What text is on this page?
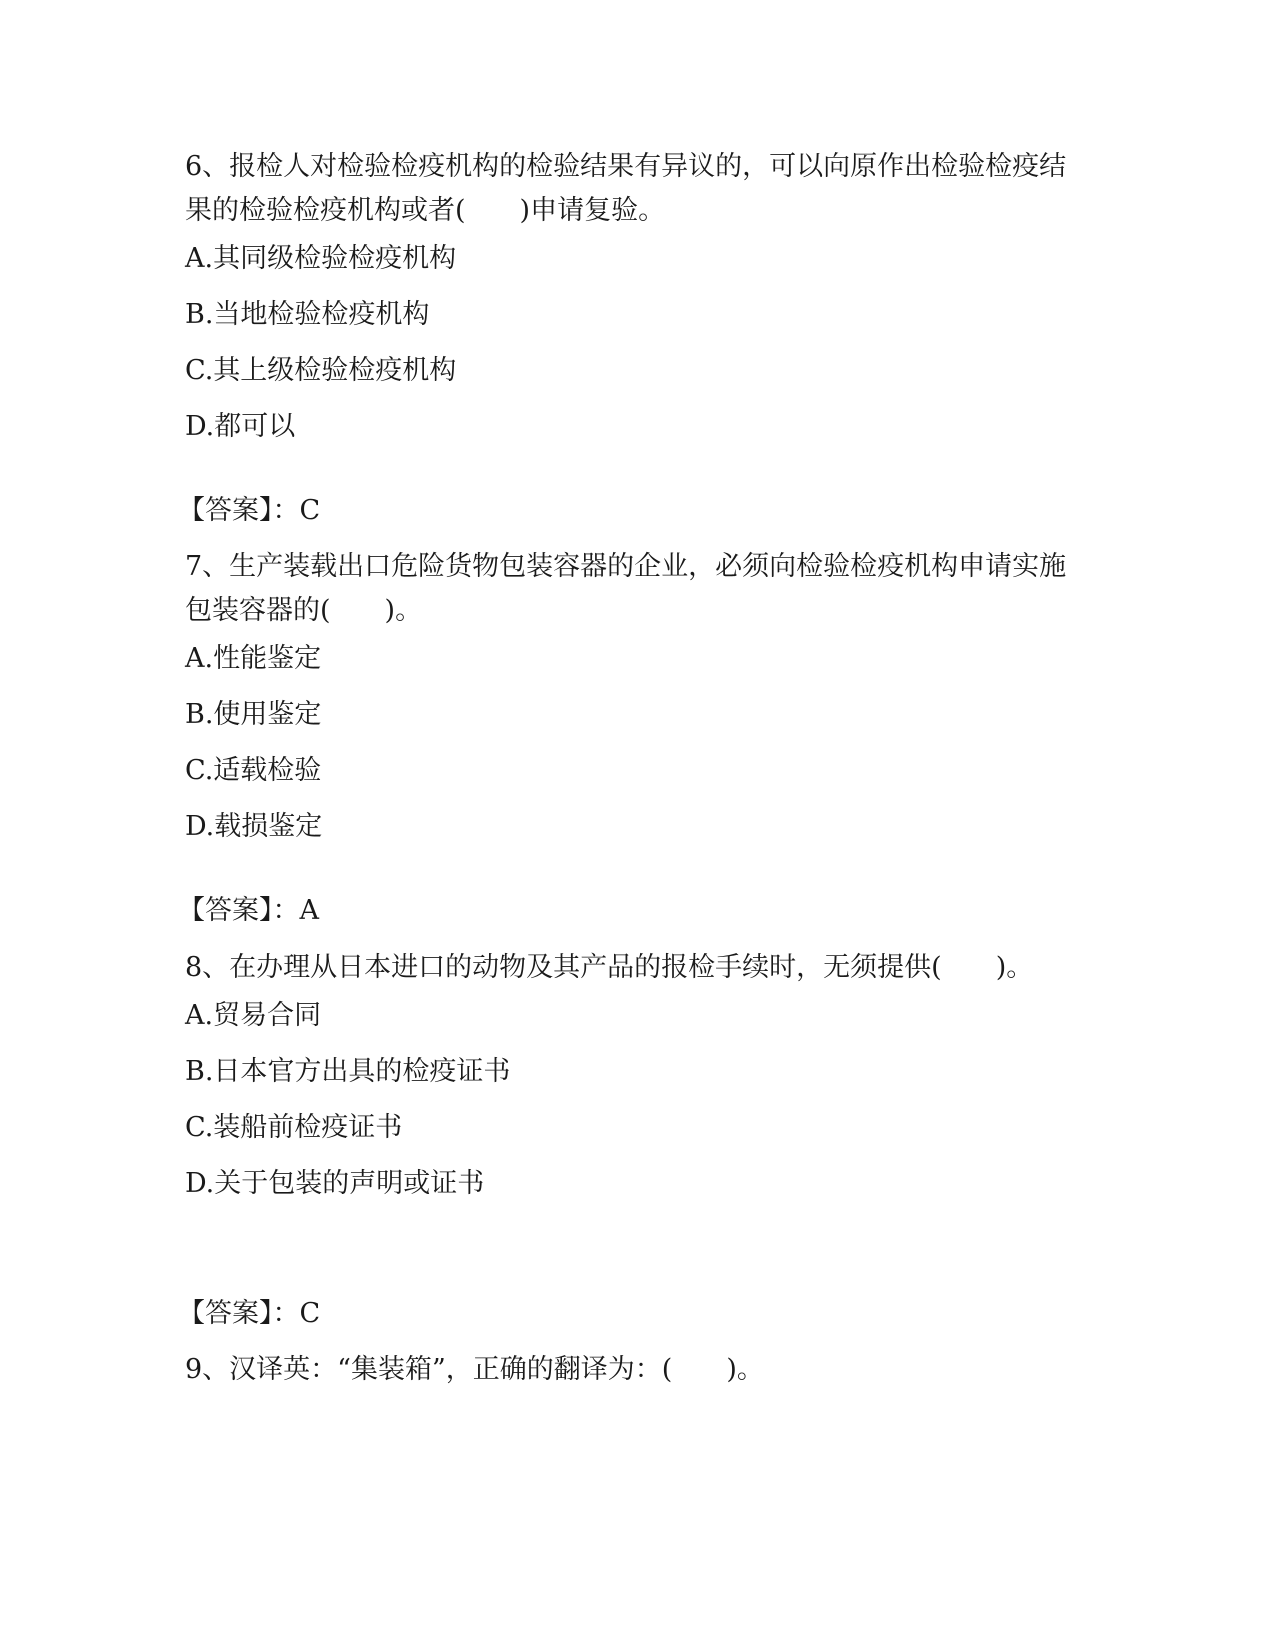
6、报检人对检验检疫机构的检验结果有异议的，可以向原作出检验检疫结果的检验检疫机构或者(　　)申请复验。

A.其同级检验检疫机构
B.当地检验检疫机构
C.其上级检验检疫机构
D.都可以
【答案】：C

7、生产装载出口危险货物包装容器的企业，必须向检验检疫机构申请实施包装容器的(　　)。

A.性能鉴定
B.使用鉴定
C.适载检验
D.载损鉴定
【答案】：A

8、在办理从日本进口的动物及其产品的报检手续时，无须提供(　　)。

A.贸易合同
B.日本官方出具的检疫证书
C.装船前检疫证书
D.关于包装的声明或证书
【答案】：C

9、汉译英：“集装箱”，正确的翻译为：(　　)。
